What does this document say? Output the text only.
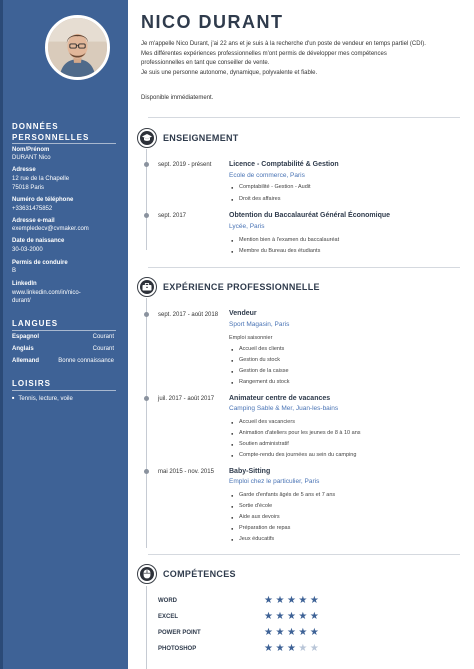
DONNÉES
PERSONNELLES
Nom/Prénom
DURANT Nico
Adresse
12 rue de la Chapelle
75018 Paris
Numéro de téléphone
+33631475852
Adresse e-mail
exempledecv@cvmaker.com
Date de naissance
30-03-2000
Permis de conduire
B
LinkedIn
www.linkedin.com/in/nico-
durant/
LANGUES
Espagnol	Courant
Anglais	Courant
Allemand	Bonne connaissance
LOISIRS
■ Tennis, lecture, voile
NICO DURANT

Je m'appelle Nico Durant, j'ai 22 ans et je suis à la recherche d'un poste de vendeur en temps partiel (CDI).

Mes différentes expériences professionnelles m'ont permis de développer mes compétences

professionnelles en tant que conseiller de vente.

Je suis une personne autonome, dynamique, polyvalente et fiable.

Disponible immédiatement.
ENSEIGNEMENT
sept. 2019 - présent	Licence - Comptabilité & Gestion
Ecole de commerce, Paris
● Comptabilité - Gestion - Audit
● Droit des affaires
sept. 2017	Obtention du Baccalauréat Général Économique
Lycée, Paris
● Mention bien à l'examen du baccalauréat
● Membre du Bureau des étudiants
EXPÉRIENCE PROFESSIONNELLE
sept. 2017 - août 2018 Vendeur
Sport Magasin, Paris
Emploi saisonnier
● Accueil des clients
● Gestion du stock
● Gestion de la caisse
● Rangement du stock
juil. 2017 - août 2017 Animateur centre de vacances
Camping Sable & Mer, Juan-les-bains
● Accueil des vacanciers
● Animation d'ateliers pour les jeunes de 8 à 10 ans
● Soutien administratif
● Compte-rendu des journées au sein du camping
mai 2015 - nov. 2015 Baby-Sitting
Emploi chez le particulier, Paris
● Garde d'enfants âgés de 5 ans et 7 ans
● Sortie d'école
● Aide aux devoirs
● Préparation de repas
● Jeux éducatifs
COMPÉTENCES
WORD	★★★★★
EXCEL	★★★★★
POWER POINT	★★★★★
PHOTOSHOP	★★★★★
